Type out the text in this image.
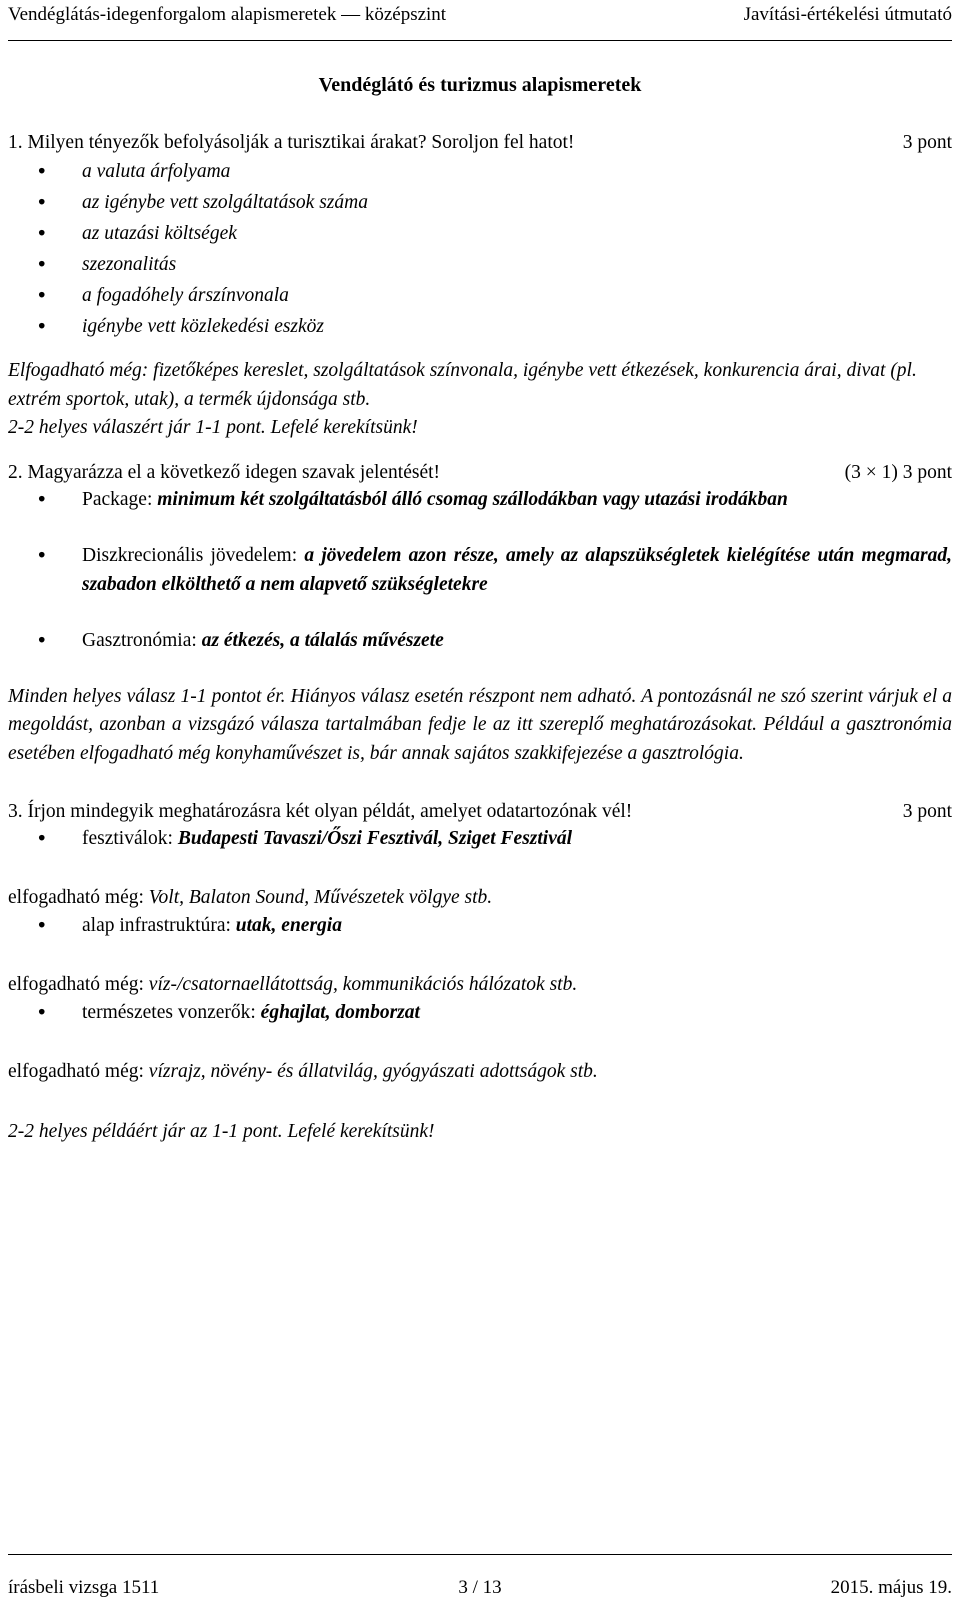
Vendéglátás-idegenforgalom alapismeretek — középszint	Javítási-értékelési útmutató
Vendéglátó és turizmus alapismeretek
1. Milyen tényezők befolyásolják a turisztikai árakat? Soroljon fel hatot!	3 pont
• a valuta árfolyama
• az igénybe vett szolgáltatások száma
• az utazási költségek
• szezonalitás
• a fogadóhely árszínvonala
• igénybe vett közlekedési eszköz
Elfogadható még: fizetőképes kereslet, szolgáltatások színvonala, igénybe vett étkezések, konkurencia árai, divat (pl. extrém sportok, utak), a termék újdonsága stb.
2-2 helyes válaszért jár 1-1 pont. Lefelé kerekítsünk!
2. Magyarázza el a következő idegen szavak jelentését!	(3 × 1) 3 pont
• Package: minimum két szolgáltatásból álló csomag szállodákban vagy utazási irodákban
• Diszkrecionális jövedelem: a jövedelem azon része, amely az alapszükségletek kielégítése után megmarad, szabadon elkölthető a nem alapvető szükségletekre
• Gasztronómia: az étkezés, a tálalás művészete
Minden helyes válasz 1-1 pontot ér. Hiányos válasz esetén részpont nem adható. A pontozásnál ne szó szerint várjuk el a megoldást, azonban a vizsgázó válasza tartalmában fedje le az itt szereplő meghatározásokat. Például a gasztronómia esetében elfogadható még konyhaművészet is, bár annak sajátos szakkifejezése a gasztrológia.
3. Írjon mindegyik meghatározásra két olyan példát, amelyet odatartozónak vél!	3 pont
• fesztiválok: Budapesti Tavaszi/Őszi Fesztivál, Sziget Fesztivál
elfogadható még: Volt, Balaton Sound, Művészetek völgye stb.
• alap infrastruktúra: utak, energia
elfogadható még: víz-/csatornaellátottság, kommunikációs hálózatok stb.
• természetes vonzerők: éghajlat, domborzat
elfogadható még: vízrajz, növény- és állatvilág, gyógyászati adottságok stb.
2-2 helyes példáért jár az 1-1 pont. Lefelé kerekítsünk!
írásbeli vizsga 1511	3 / 13	2015. május 19.
